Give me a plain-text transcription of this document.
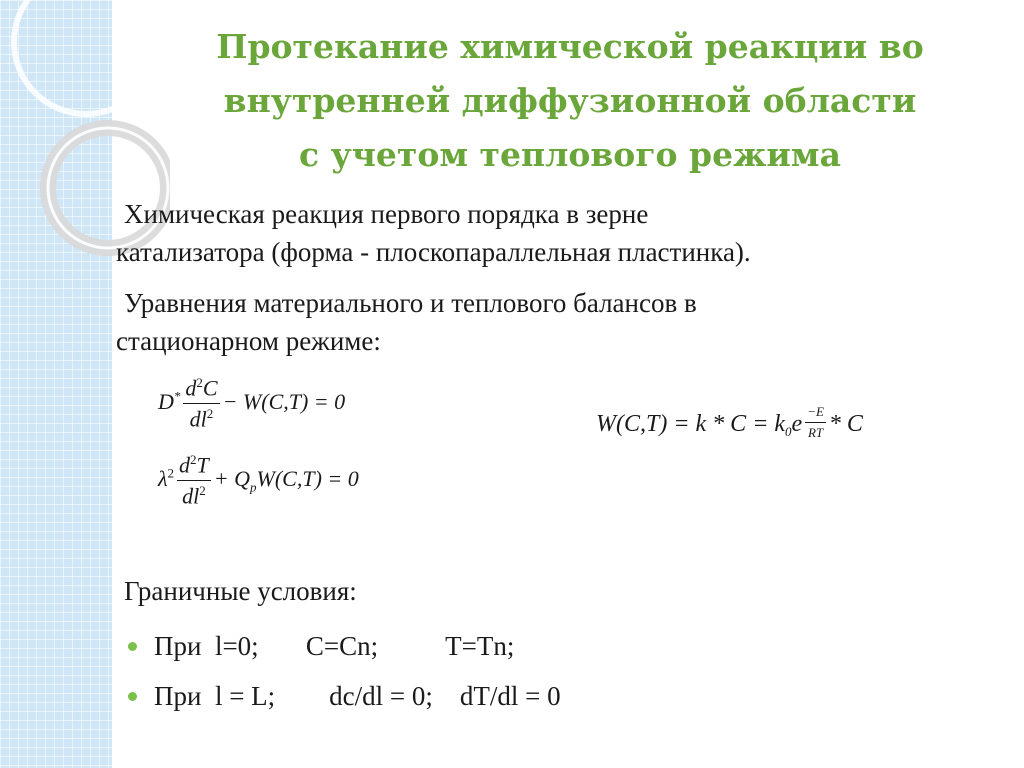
Протекание химической реакции во
внутренней диффузионной области
с учетом теплового режима

Химическая реакция первого порядка в зерне
катализатора (форма - плоскопараллельная пластинка).

Уравнения материального и теплового балансов в
стационарном режиме:

$D^* \frac{d^2C}{dl^2} - W(C,T) = 0$
$\lambda^2 \frac{d^2T}{dl^2} + Q_pW(C,T) = 0$
$W(C,T) = k * C = k_0e \frac{-E}{RT} * C$

Граничные условия:

При  l=0;       C=Cn;          T=Tn;
При  l = L;        dc/dl = 0;    dT/dl = 0
